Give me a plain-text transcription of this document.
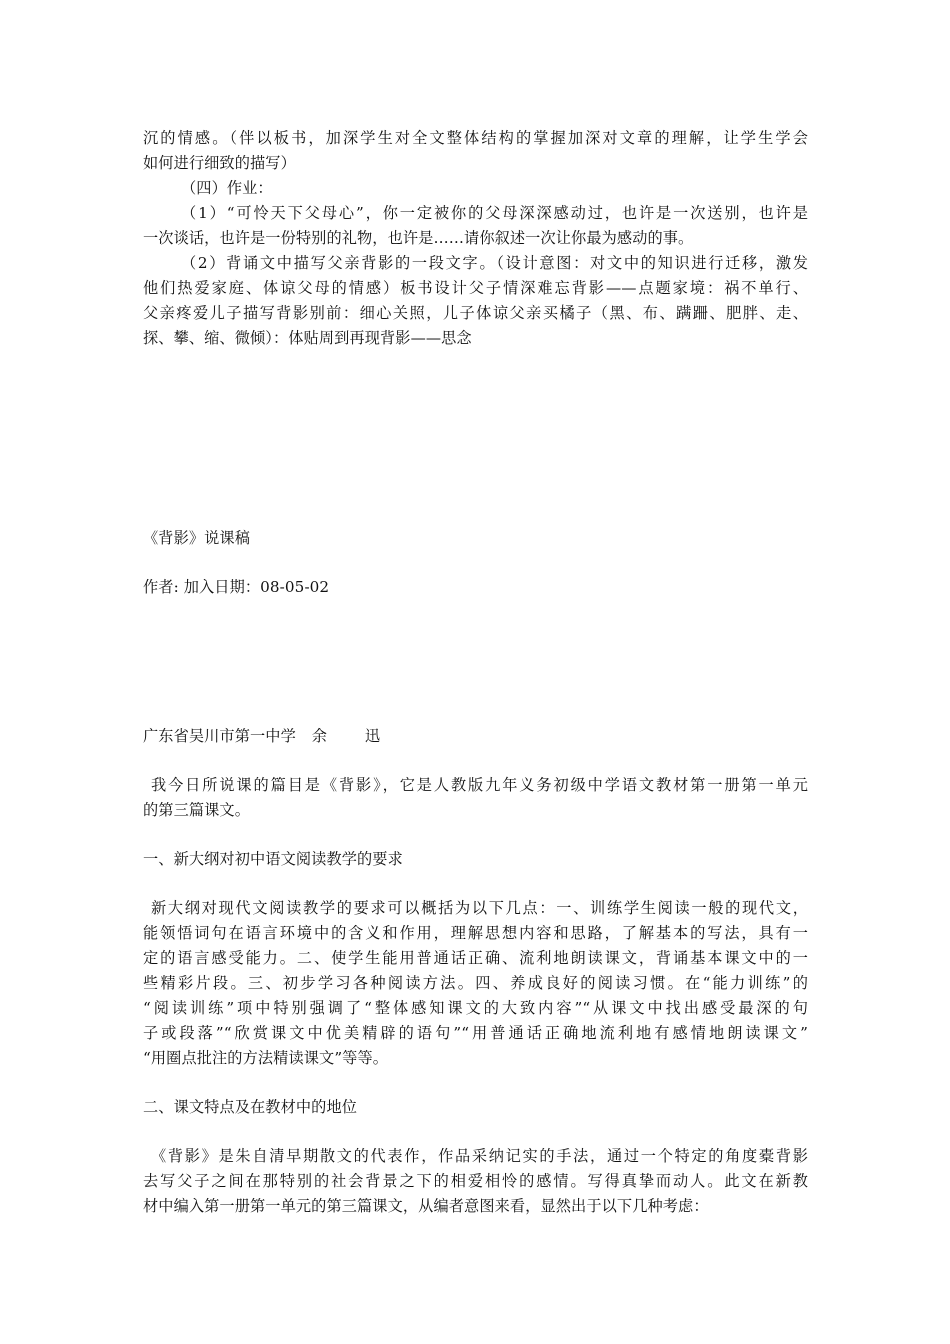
沉的情感。（伴以板书，加深学生对全文整体结构的掌握加深对文章的理解，让学生学会
如何进行细致的描写）
（四）作业：
（1）“可怜天下父母心”，你一定被你的父母深深感动过，也许是一次送别，也许是
一次谈话，也许是一份特别的礼物，也许是……请你叙述一次让你最为感动的事。
（2）背诵文中描写父亲背影的一段文字。（设计意图：对文中的知识进行迁移，激发
他们热爱家庭、体谅父母的情感）板书设计父子情深难忘背影——点题家境：祸不单行、
父亲疼爱儿子描写背影别前：细心关照，儿子体谅父亲买橘子（黑、布、蹒跚、肥胖、走、
探、攀、缩、微倾）：体贴周到再现背影——思念
《背影》说课稿
作者: 加入日期：08-05-02
广东省吴川市第一中学 余 迅
我今日所说课的篇目是《背影》，它是人教版九年义务初级中学语文教材第一册第一单元
的第三篇课文。
一、新大纲对初中语文阅读教学的要求
新大纲对现代文阅读教学的要求可以概括为以下几点：一、训练学生阅读一般的现代文，
能领悟词句在语言环境中的含义和作用，理解思想内容和思路，了解基本的写法，具有一
定的语言感受能力。二、使学生能用普通话正确、流利地朗读课文，背诵基本课文中的一
些精彩片段。三、初步学习各种阅读方法。四、养成良好的阅读习惯。在“能力训练”的
“阅读训练”项中特别强调了“整体感知课文的大致内容”“从课文中找出感受最深的句
子或段落”“欣赏课文中优美精辟的语句”“用普通话正确地流利地有感情地朗读课文”
“用圈点批注的方法精读课文”等等。
二、课文特点及在教材中的地位
《背影》是朱自清早期散文的代表作，作品采纳记实的手法，通过一个特定的角度橐背影
去写父子之间在那特别的社会背景之下的相爱相怜的感情。写得真挚而动人。此文在新教
材中编入第一册第一单元的第三篇课文，从编者意图来看，显然出于以下几种考虑：
